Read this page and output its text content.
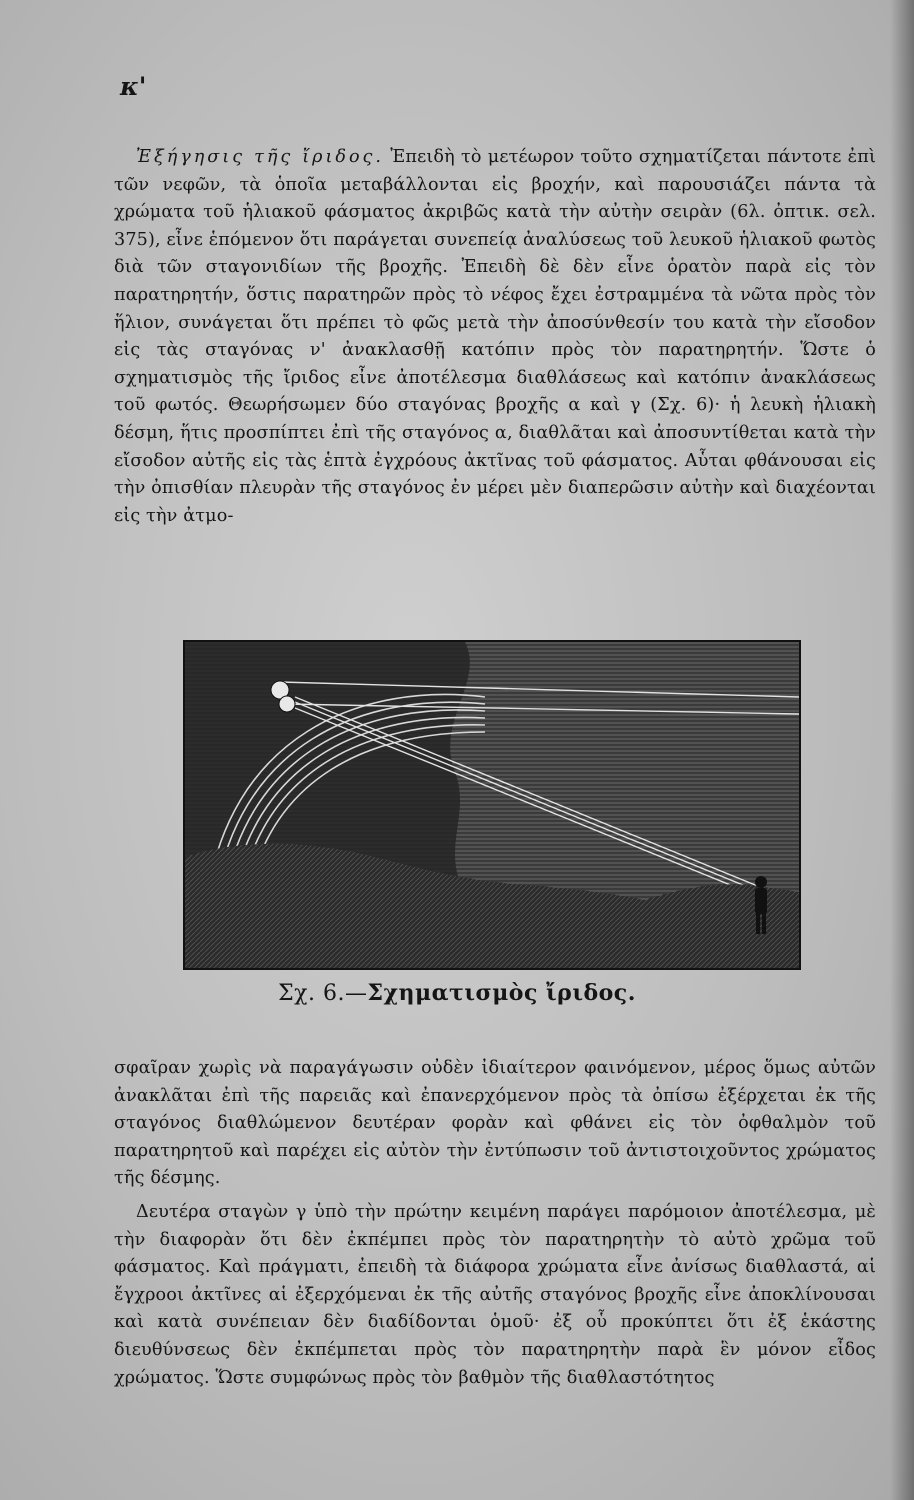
κ'

Ἐξήγησις τῆς ἴριδος. Ἐπειδὴ τὸ μετέωρον τοῦτο σχηματίζεται πάντοτε ἐπὶ τῶν νεφῶν, τὰ ὁποῖα μεταβάλλονται εἰς βροχήν, καὶ παρουσιάζει πάντα τὰ χρώματα τοῦ ἡλιακοῦ φάσματος ἀκριβῶς κατὰ τὴν αὐτὴν σειρὰν (6λ. ὀπτικ. σελ. 375), εἶνε ἑπόμενον ὅτι παράγεται συνεπείᾳ ἀναλύσεως τοῦ λευκοῦ ἡλιακοῦ φωτὸς διὰ τῶν σταγονιδίων τῆς βροχῆς. Ἐπειδὴ δὲ δὲν εἶνε ὁρατὸν παρὰ εἰς τὸν παρατηρητήν, ὅστις παρατηρῶν πρὸς τὸ νέφος ἔχει ἐστραμμένα τὰ νῶτα πρὸς τὸν ἥλιον, συνάγεται ὅτι πρέπει τὸ φῶς μετὰ τὴν ἀποσύνθεσίν του κατὰ τὴν εἴσοδον εἰς τὰς σταγόνας ν' ἀνακλασθῇ κατόπιν πρὸς τὸν παρατηρητήν. Ὥστε ὁ σχηματισμὸς τῆς ἴριδος εἶνε ἀποτέλεσμα διαθλάσεως καὶ κατόπιν ἀνακλάσεως τοῦ φωτός. Θεωρήσωμεν δύο σταγόνας βροχῆς α καὶ γ (Σχ. 6)· ἡ λευκὴ ἡλιακὴ δέσμη, ἥτις προσπίπτει ἐπὶ τῆς σταγόνος α, διαθλᾶται καὶ ἀποσυντίθεται κατὰ τὴν εἴσοδον αὐτῆς εἰς τὰς ἑπτὰ ἐγχρόους ἀκτῖνας τοῦ φάσματος. Αὗται φθάνουσαι εἰς τὴν ὀπισθίαν πλευρὰν τῆς σταγόνος ἐν μέρει μὲν διαπερῶσιν αὐτὴν καὶ διαχέονται εἰς τὴν ἀτμο-

Σχ. 6.—Σχηματισμὸς ἴριδος.

σφαῖραν χωρὶς νὰ παραγάγωσιν οὐδὲν ἰδιαίτερον φαινόμενον, μέρος ὅμως αὐτῶν ἀνακλᾶται ἐπὶ τῆς παρειᾶς καὶ ἐπανερχόμενον πρὸς τὰ ὀπίσω ἐξέρχεται ἐκ τῆς σταγόνος διαθλώμενον δευτέραν φορὰν καὶ φθάνει εἰς τὸν ὀφθαλμὸν τοῦ παρατηρητοῦ καὶ παρέχει εἰς αὐτὸν τὴν ἐντύπωσιν τοῦ ἀντιστοιχοῦντος χρώματος τῆς δέσμης.

Δευτέρα σταγὼν γ ὑπὸ τὴν πρώτην κειμένη παράγει παρόμοιον ἀποτέλεσμα, μὲ τὴν διαφορὰν ὅτι δὲν ἐκπέμπει πρὸς τὸν παρατηρητὴν τὸ αὐτὸ χρῶμα τοῦ φάσματος. Καὶ πράγματι, ἐπειδὴ τὰ διάφορα χρώματα εἶνε ἀνίσως διαθλαστά, αἱ ἔγχροοι ἀκτῖνες αἱ ἐξερχόμεναι ἐκ τῆς αὐτῆς σταγόνος βροχῆς εἶνε ἀποκλίνουσαι καὶ κατὰ συνέπειαν δὲν διαδίδονται ὁμοῦ· ἐξ οὗ προκύπτει ὅτι ἐξ ἑκάστης διευθύνσεως δὲν ἐκπέμπεται πρὸς τὸν παρατηρητὴν παρὰ ἓν μόνον εἶδος χρώματος. Ὥστε συμφώνως πρὸς τὸν βαθμὸν τῆς διαθλαστότητος
